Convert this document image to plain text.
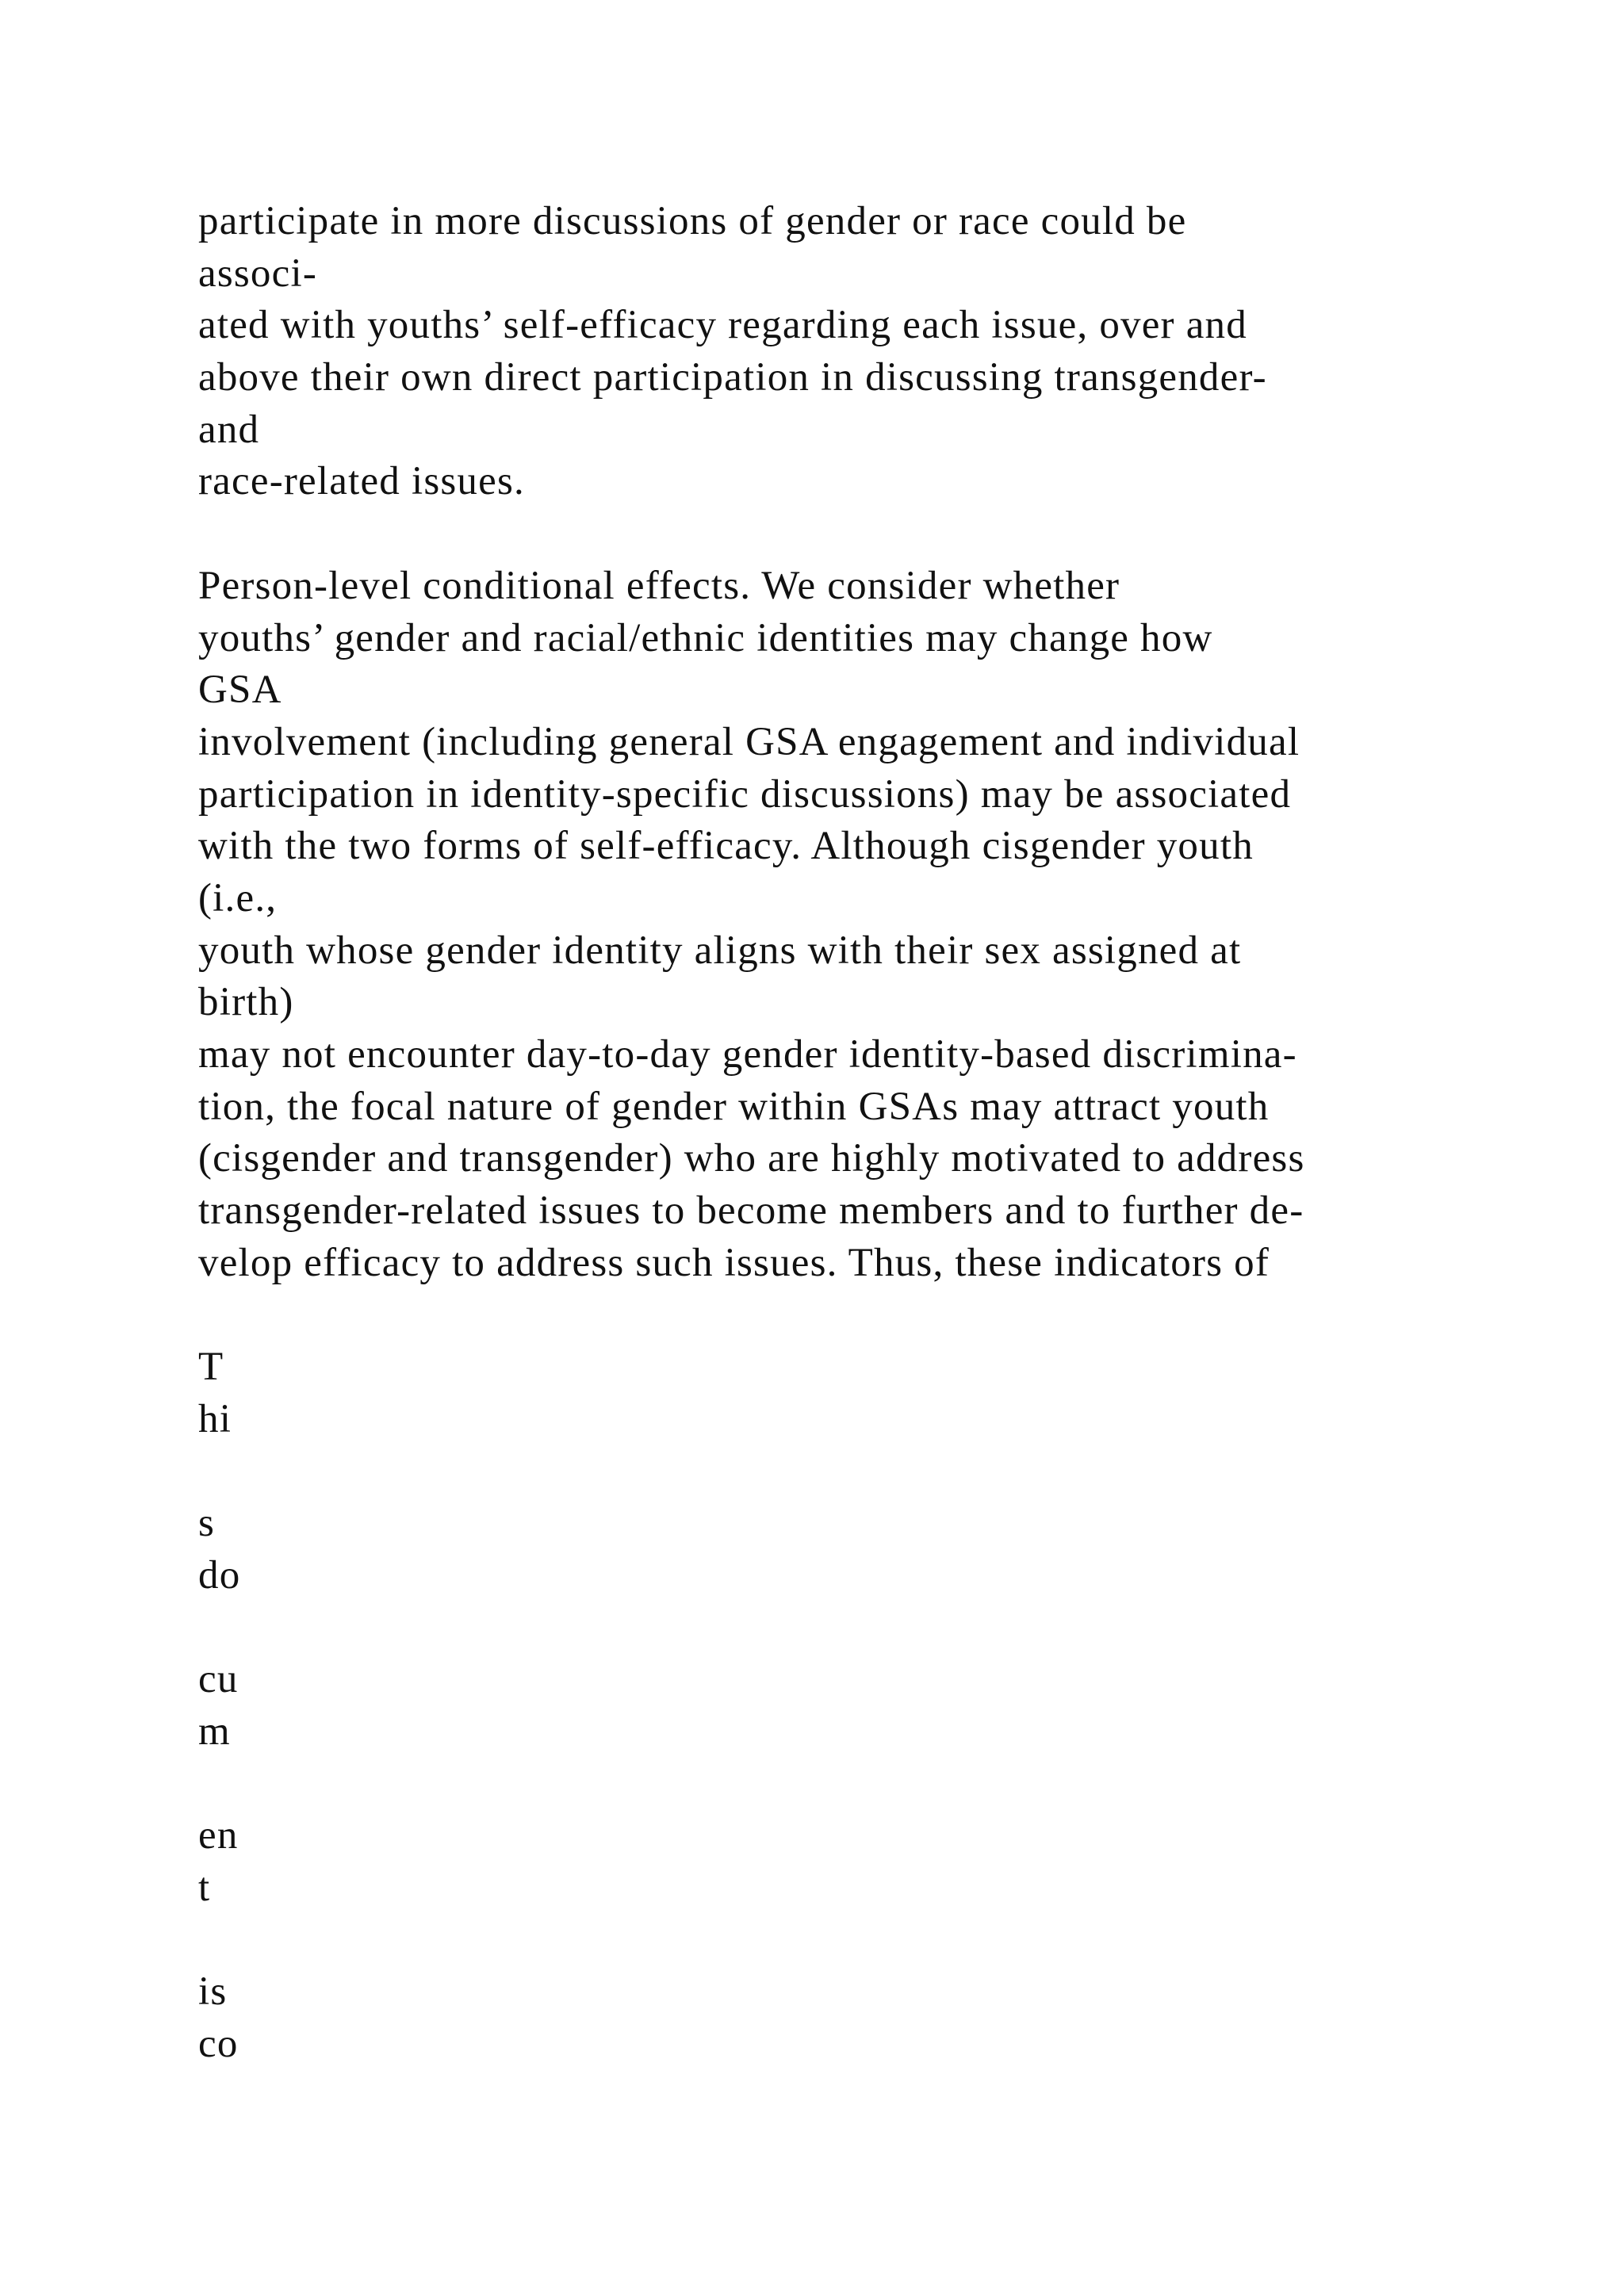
participate in more discussions of gender or race could be
associ-
ated with youths’ self-efficacy regarding each issue, over and
above their own direct participation in discussing transgender-
and
race-related issues.
Person-level conditional effects. We consider whether
youths’ gender and racial/ethnic identities may change how
GSA
involvement (including general GSA engagement and individual
participation in identity-specific discussions) may be associated
with the two forms of self-efficacy. Although cisgender youth
(i.e.,
youth whose gender identity aligns with their sex assigned at
birth)
may not encounter day-to-day gender identity-based discrimina-
tion, the focal nature of gender within GSAs may attract youth
(cisgender and transgender) who are highly motivated to address
transgender-related issues to become members and to further de-
velop efficacy to address such issues. Thus, these indicators of
T
hi
s
do
cu
m
en
t
is
co
